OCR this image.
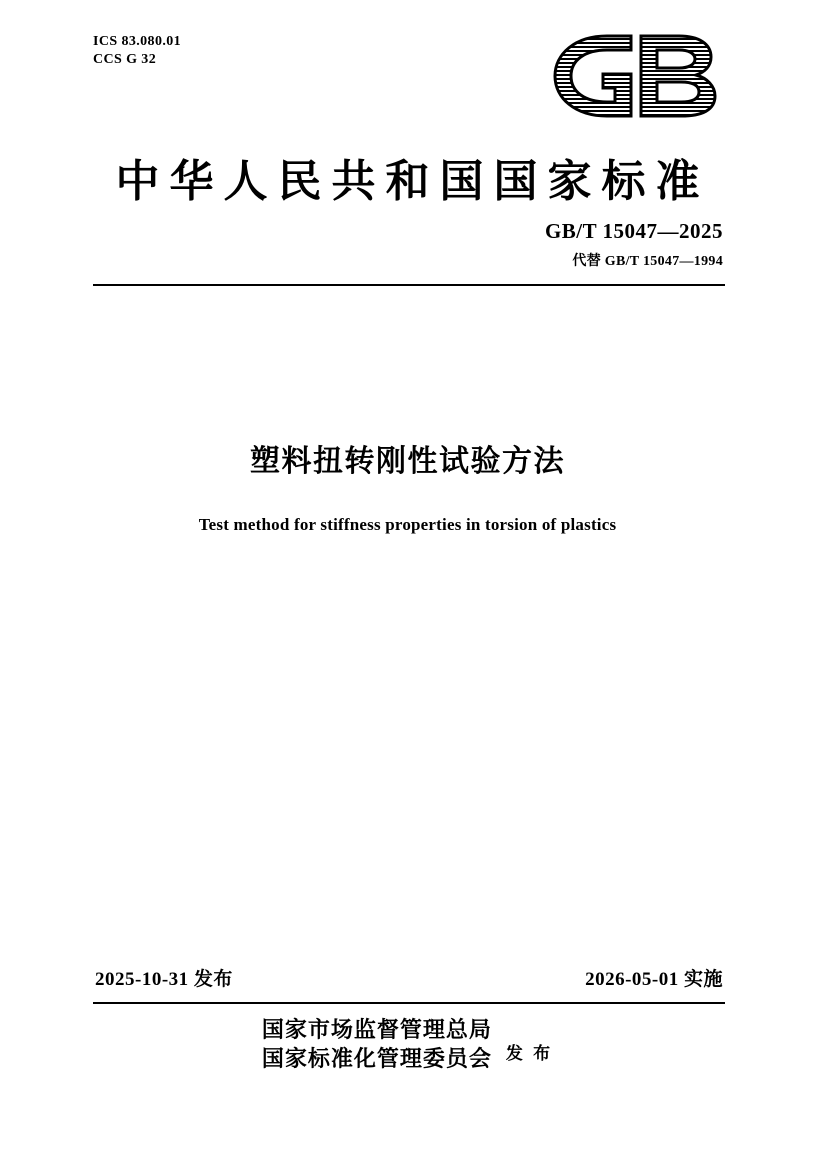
ICS 83.080.01
CCS G 32
中华人民共和国国家标准
GB/T 15047—2025
代替 GB/T 15047—1994
塑料扭转刚性试验方法
Test method for stiffness properties in torsion of plastics
2025-10-31 发布	2026-05-01 实施
国家市场监督管理总局
国家标准化管理委员会 发 布
